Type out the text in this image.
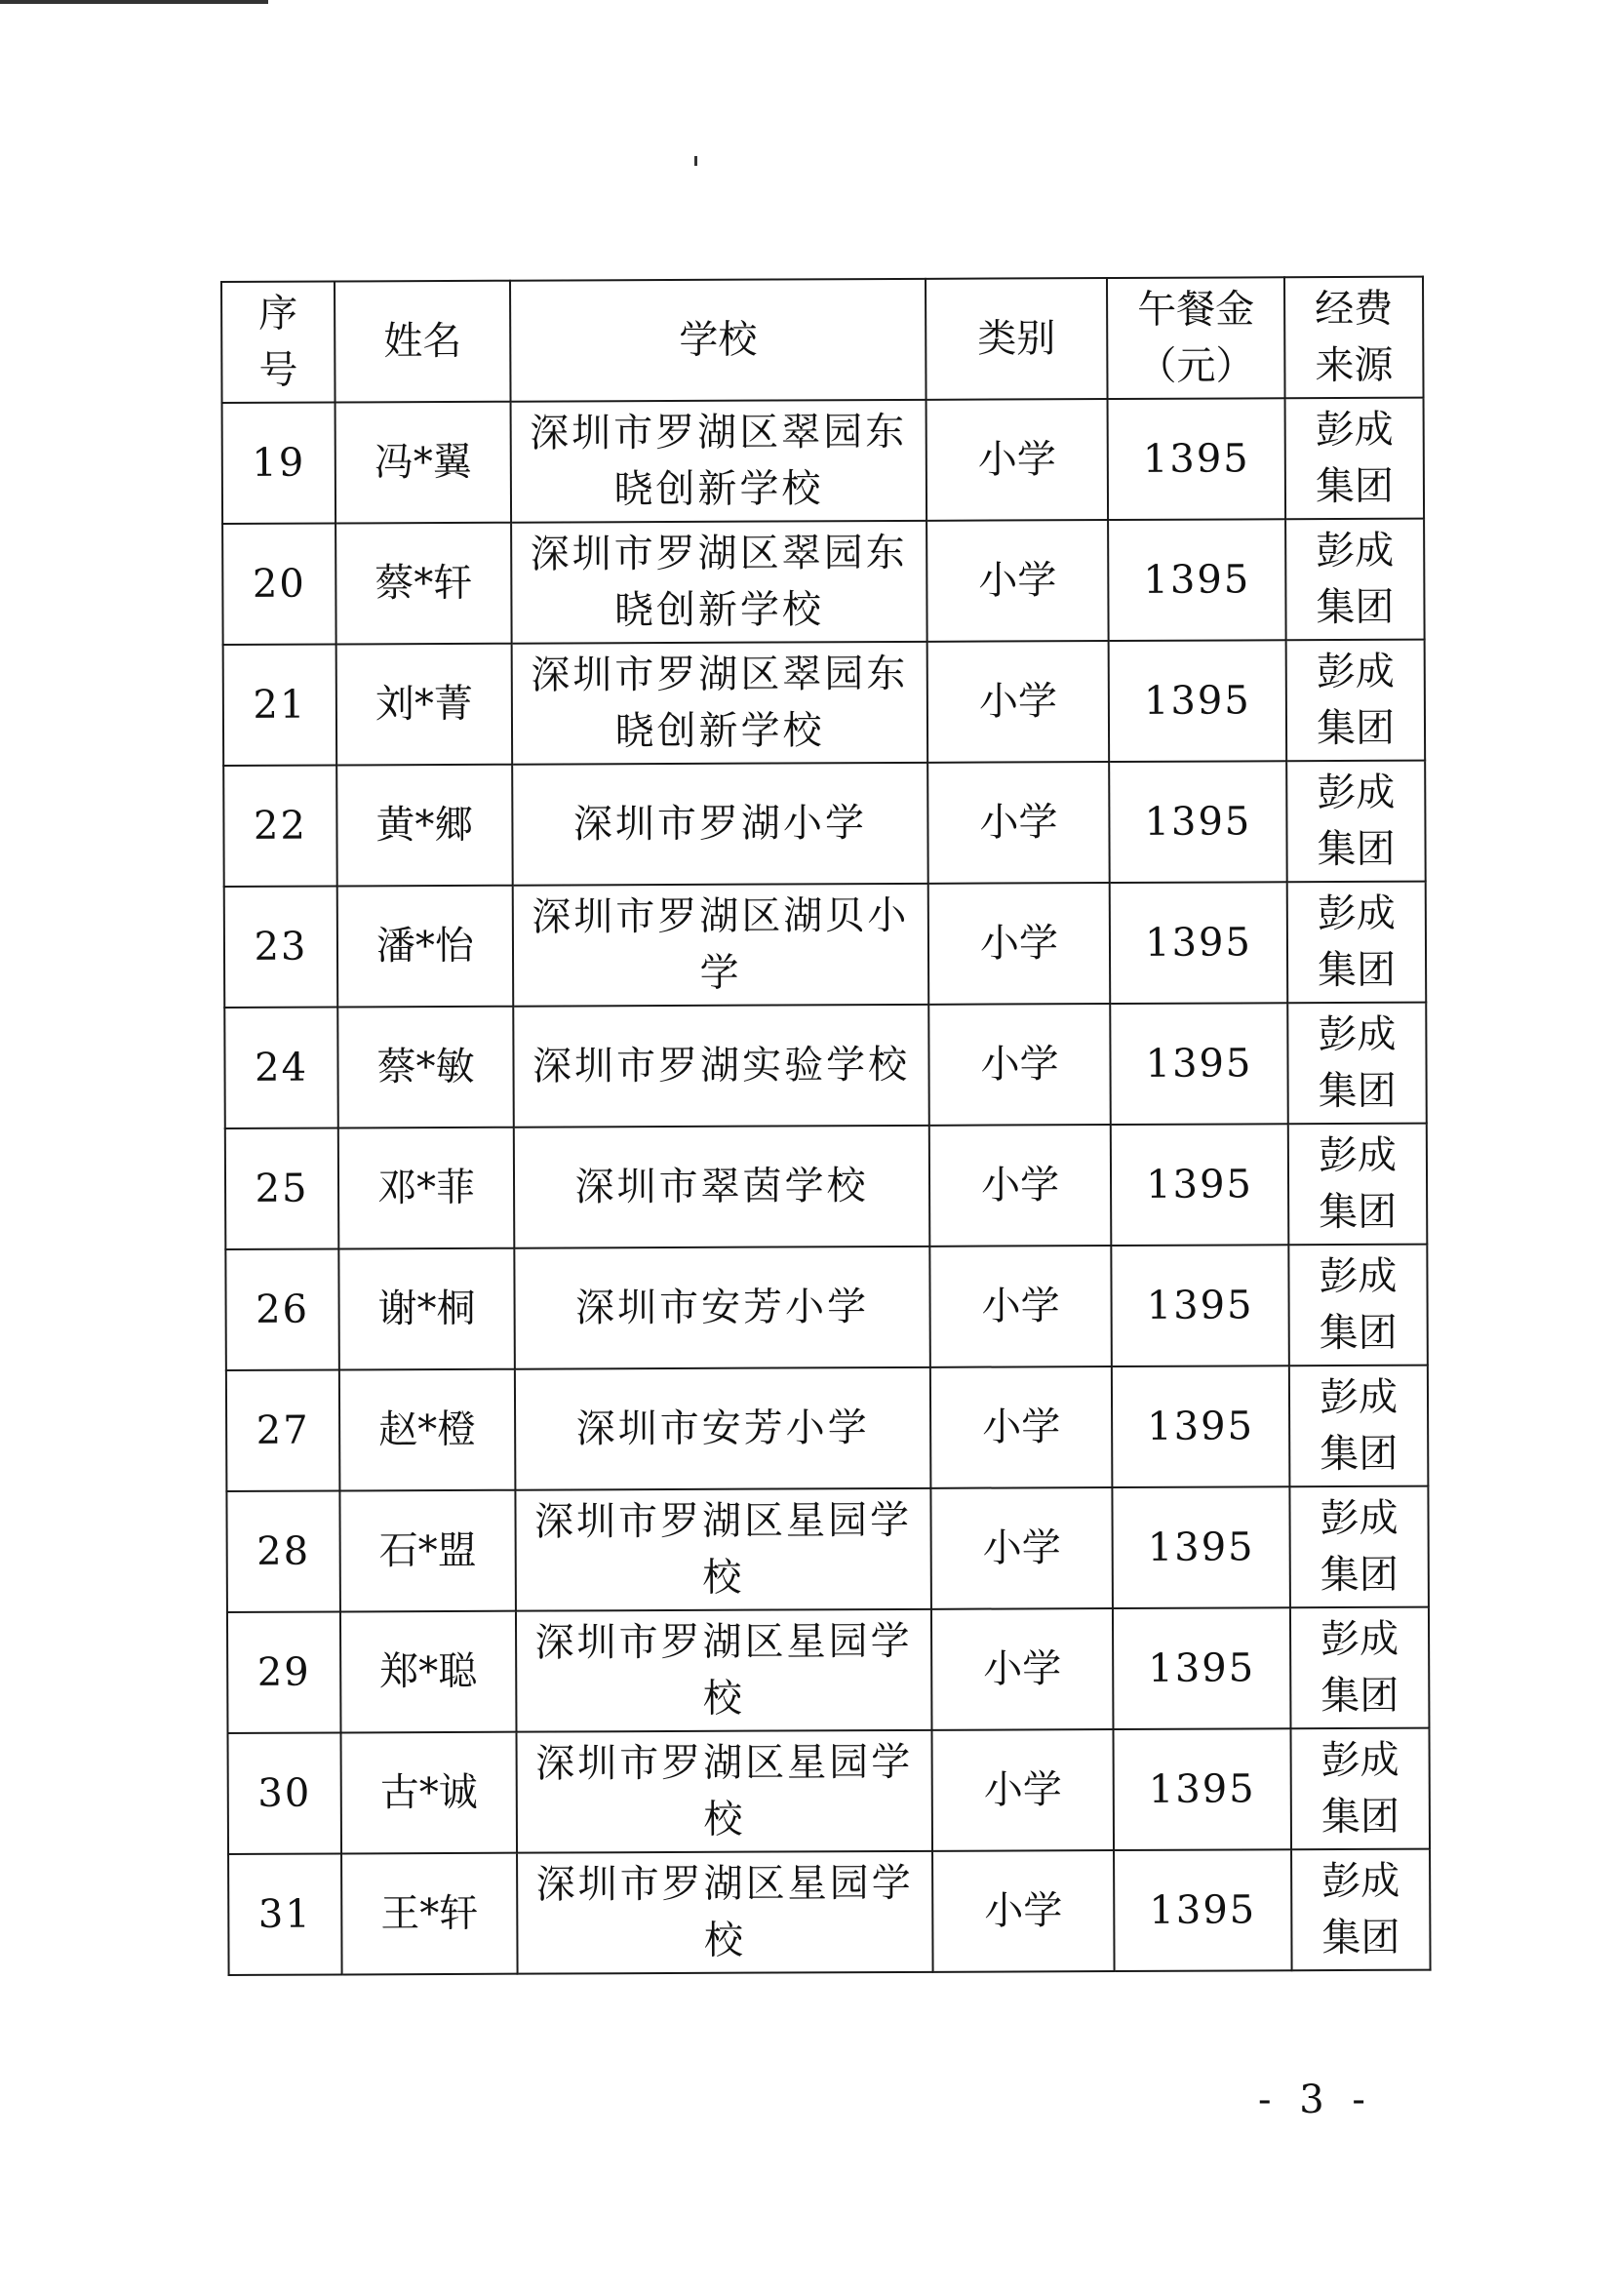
序号	姓名	学校	类别	午餐金（元）	经费来源
19	冯*翼	深圳市罗湖区翠园东晓创新学校	小学	1395	彭成集团
20	蔡*轩	深圳市罗湖区翠园东晓创新学校	小学	1395	彭成集团
21	刘*菁	深圳市罗湖区翠园东晓创新学校	小学	1395	彭成集团
22	黄*郷	深圳市罗湖小学	小学	1395	彭成集团
23	潘*怡	深圳市罗湖区湖贝小学	小学	1395	彭成集团
24	蔡*敏	深圳市罗湖实验学校	小学	1395	彭成集团
25	邓*菲	深圳市翠茵学校	小学	1395	彭成集团
26	谢*桐	深圳市安芳小学	小学	1395	彭成集团
27	赵*橙	深圳市安芳小学	小学	1395	彭成集团
28	石*盟	深圳市罗湖区星园学校	小学	1395	彭成集团
29	郑*聪	深圳市罗湖区星园学校	小学	1395	彭成集团
30	古*诚	深圳市罗湖区星园学校	小学	1395	彭成集团
31	王*轩	深圳市罗湖区星园学校	小学	1395	彭成集团
- 3 -
